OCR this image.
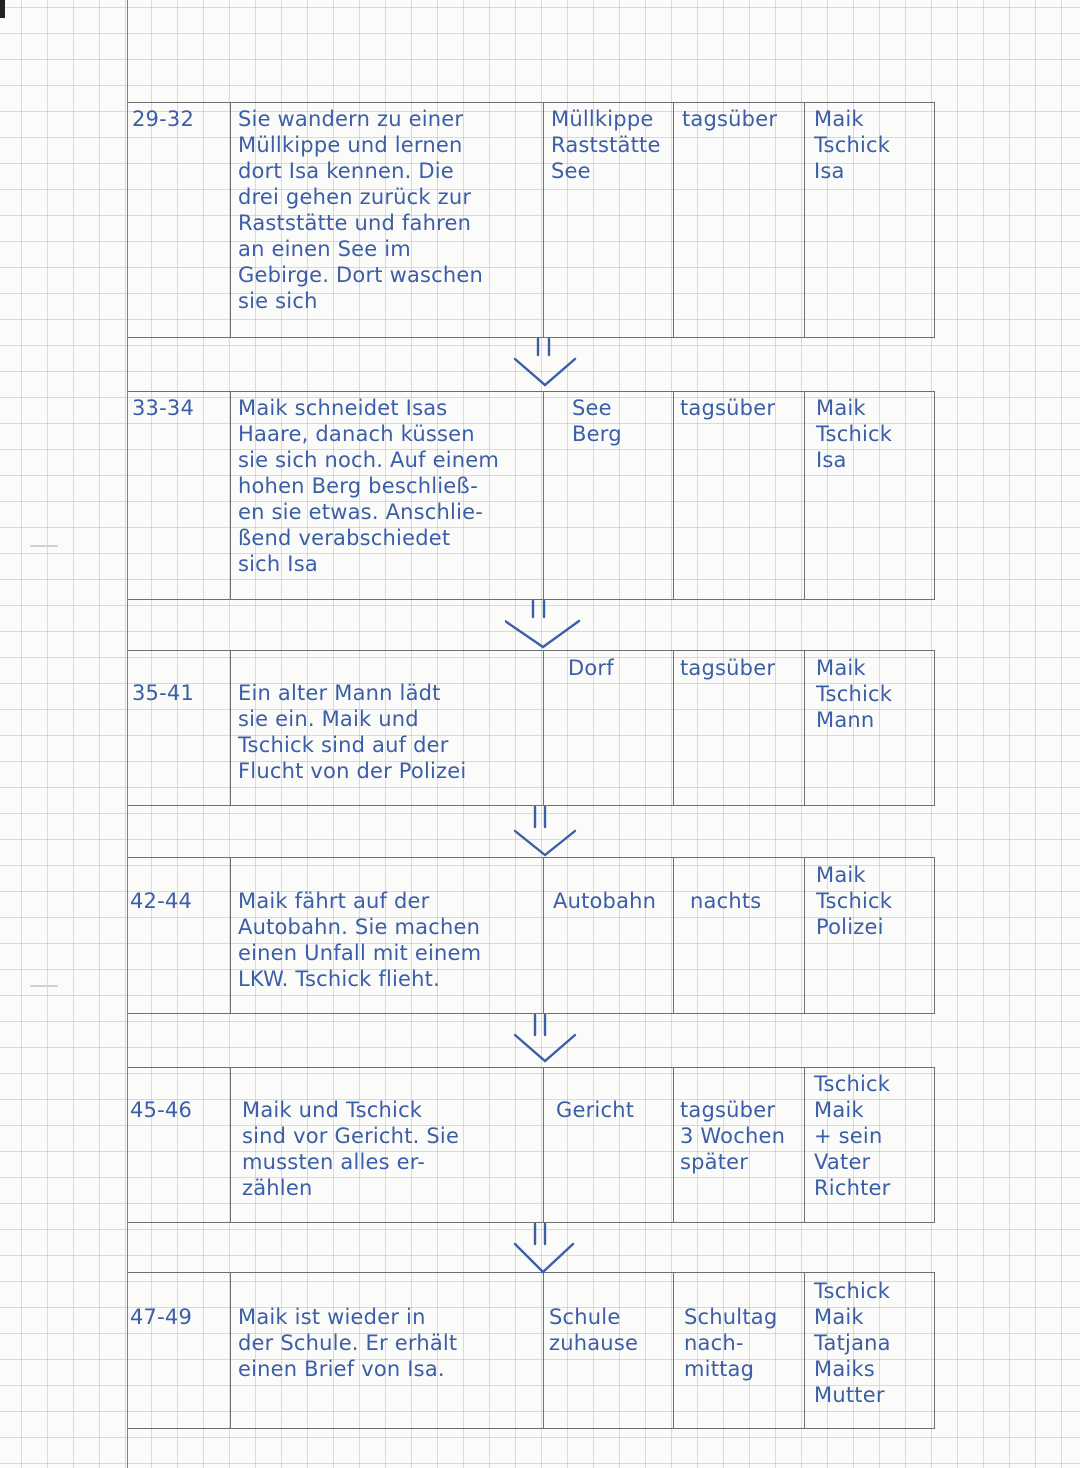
29-32 Sie wandern zu einer
Müllkippe und lernen
dort Isa kennen. Die
drei gehen zurück zur
Raststätte und fahren
an einen See im
Gebirge. Dort waschen
sie sich
Müllkippe
Raststätte
See
tagsüber Maik
Tschick
Isa
33-34 Maik schneidet Isas
Haare, danach küssen
sie sich noch. Auf einem
hohen Berg beschließ-
en sie etwas. Anschlie-
ßend verabschiedet
sich Isa
See
Berg
tagsüber Maik
Tschick
Isa
35-41 Ein alter Mann lädt
sie ein. Maik und
Tschick sind auf der
Flucht von der Polizei
Dorf	tagsüber Maik
Tschick
Mann
42-44 Maik fährt auf der
Autobahn. Sie machen
einen Unfall mit einem
LKW. Tschick flieht.
Autobahn nachts
Maik
Tschick
Polizei
45-46 Maik und Tschick
sind vor Gericht. Sie
mussten alles er-
zählen
Gericht tagsüber
3 Wochen
später
Tschick
Maik
+ sein
Vater
Richter
47-49 Maik ist wieder in
der Schule. Er erhält
einen Brief von Isa.
Schule
zuhause
Schultag
nach-
mittag
Tschick
Maik
Tatjana
Maiks
Mutter
